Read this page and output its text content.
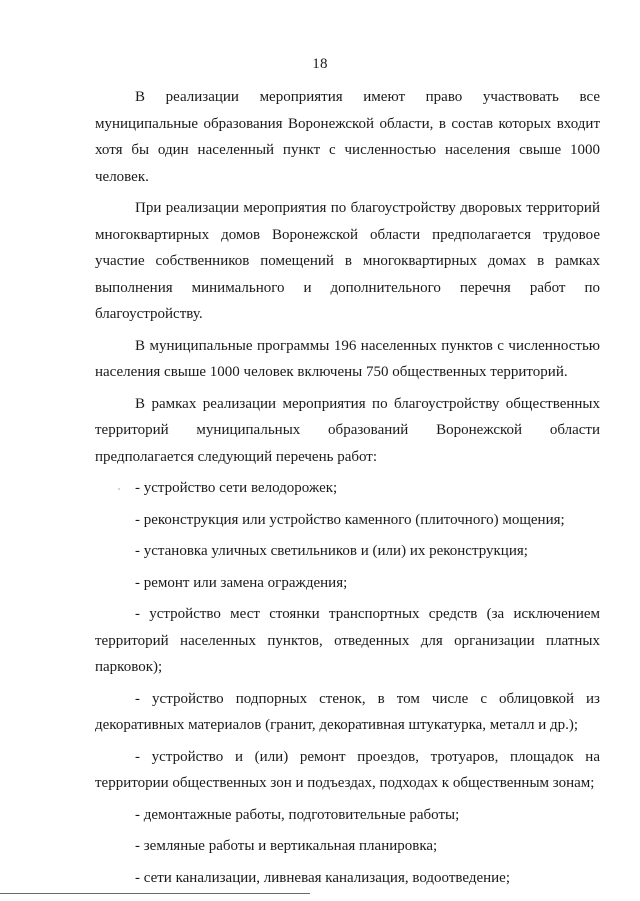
18

В реализации мероприятия имеют право участвовать все муниципальные образования Воронежской области, в состав которых входит хотя бы один населенный пункт с численностью населения свыше 1000 человек.

При реализации мероприятия по благоустройству дворовых территорий многоквартирных домов Воронежской области предполагается трудовое участие собственников помещений в многоквартирных домах в рамках выполнения минимального и дополнительного перечня работ по благоустройству.

В муниципальные программы 196 населенных пунктов с численностью населения свыше 1000 человек включены 750 общественных территорий.

В рамках реализации мероприятия по благоустройству общественных территорий муниципальных образований Воронежской области предполагается следующий перечень работ:

- устройство сети велодорожек;

- реконструкция или устройство каменного (плиточного) мощения;

- установка уличных светильников и (или) их реконструкция;

- ремонт или замена ограждения;

- устройство мест стоянки транспортных средств (за исключением территорий населенных пунктов, отведенных для организации платных парковок);

- устройство подпорных стенок, в том числе с облицовкой из декоративных материалов (гранит, декоративная штукатурка, металл и др.);

- устройство и (или) ремонт проездов, тротуаров, площадок на территории общественных зон и подъездах, подходах к общественным зонам;

- демонтажные работы, подготовительные работы;

- земляные работы и вертикальная планировка;

- сети канализации, ливневая канализация, водоотведение;
